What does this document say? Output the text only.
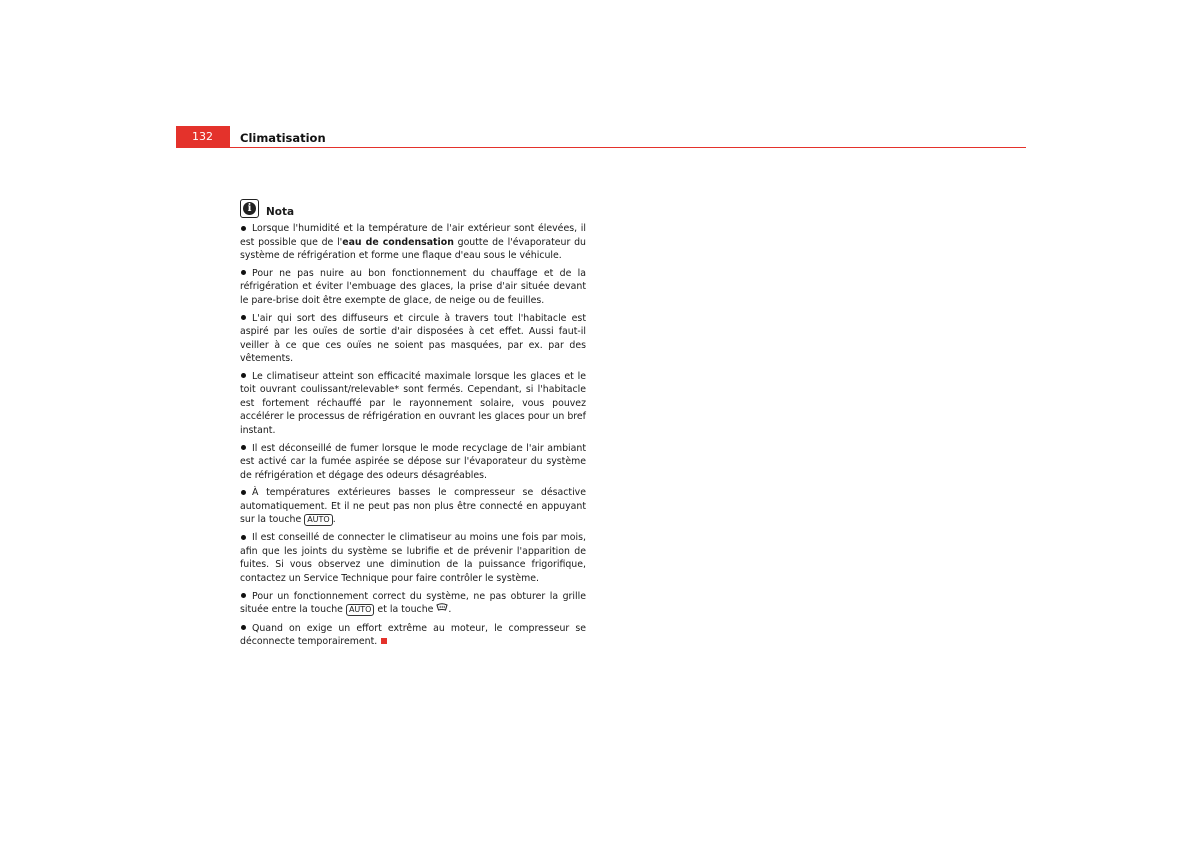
132	Climatisation
i	Nota
Lorsque l'humidité et la température de l'air extérieur sont élevées, il est possible que de l'eau de condensation goutte de l'évaporateur du système de réfrigération et forme une flaque d'eau sous le véhicule.
Pour ne pas nuire au bon fonctionnement du chauffage et de la réfrigération et éviter l'embuage des glaces, la prise d'air située devant le pare-brise doit être exempte de glace, de neige ou de feuilles.
L'air qui sort des diffuseurs et circule à travers tout l'habitacle est aspiré par les ouïes de sortie d'air disposées à cet effet. Aussi faut-il veiller à ce que ces ouïes ne soient pas masquées, par ex. par des vêtements.
Le climatiseur atteint son efficacité maximale lorsque les glaces et le toit ouvrant coulissant/relevable* sont fermés. Cependant, si l'habitacle est fortement réchauffé par le rayonnement solaire, vous pouvez accélérer le processus de réfrigération en ouvrant les glaces pour un bref instant.
Il est déconseillé de fumer lorsque le mode recyclage de l'air ambiant est activé car la fumée aspirée se dépose sur l'évaporateur du système de réfrigération et dégage des odeurs désagréables.
À températures extérieures basses le compresseur se désactive automatiquement. Et il ne peut pas non plus être connecté en appuyant sur la touche AUTO .
Il est conseillé de connecter le climatiseur au moins une fois par mois, afin que les joints du système se lubrifie et de prévenir l'apparition de fuites. Si vous observez une diminution de la puissance frigorifique, contactez un Service Technique pour faire contrôler le système.
Pour un fonctionnement correct du système, ne pas obturer la grille située entre la touche AUTO et la touche .
Quand on exige un effort extrême au moteur, le compresseur se déconnecte temporairement.
